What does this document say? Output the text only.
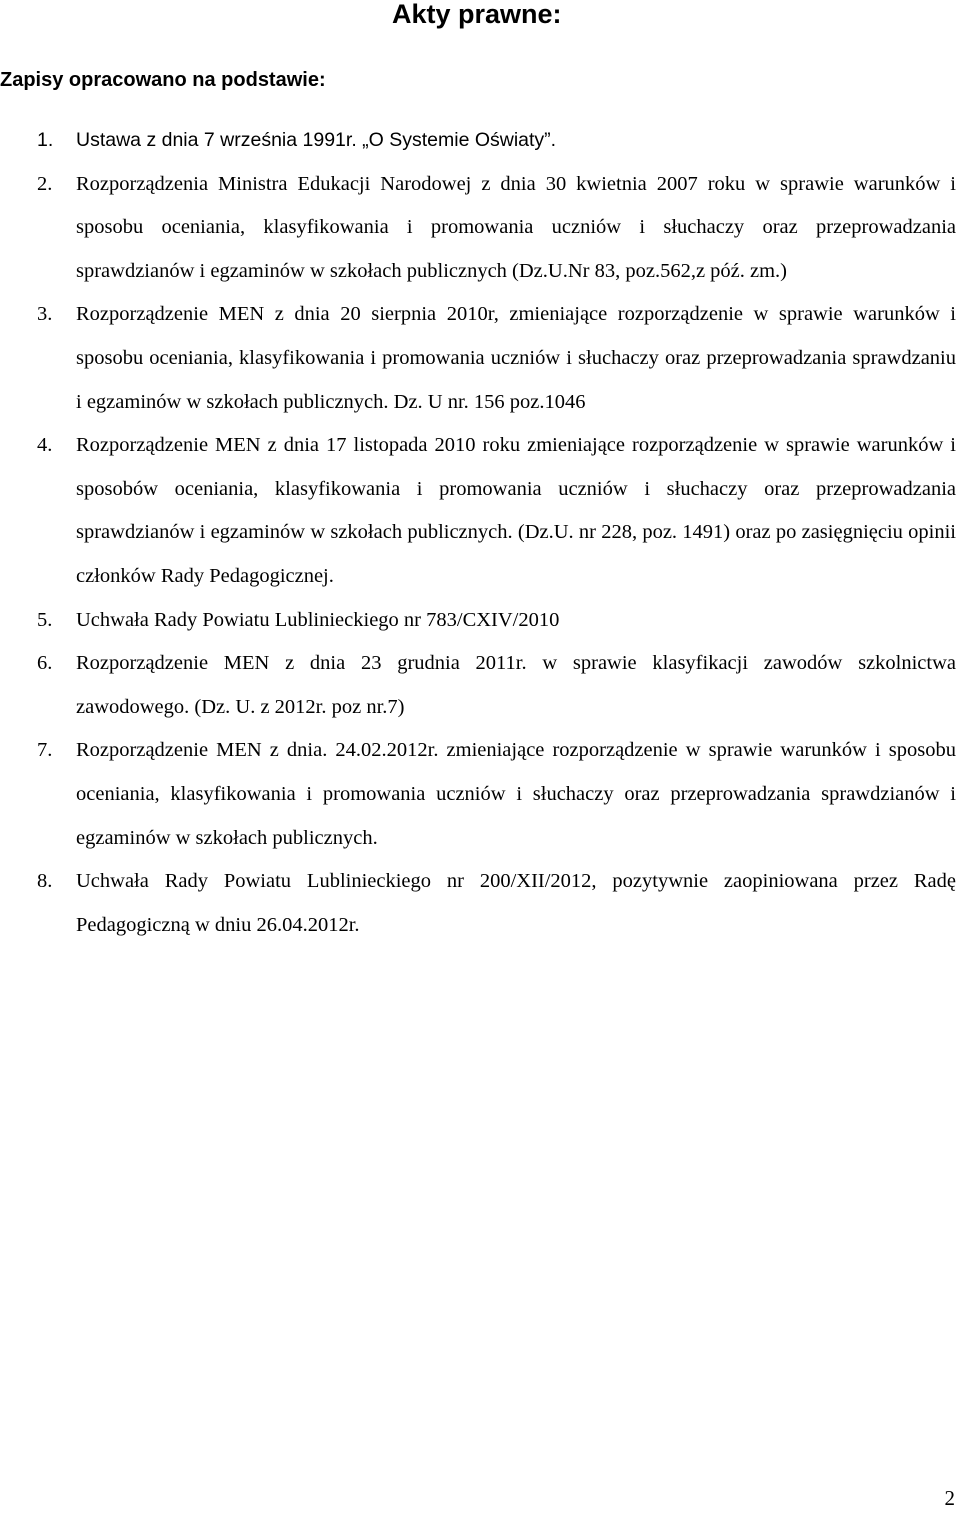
Akty prawne:
Zapisy opracowano na podstawie:
1. Ustawa z dnia 7 września 1991r. „O Systemie Oświaty”.
2. Rozporządzenia Ministra Edukacji Narodowej z dnia 30 kwietnia 2007 roku w sprawie warunków i sposobu oceniania, klasyfikowania i promowania uczniów i słuchaczy oraz przeprowadzania sprawdzianów i egzaminów w szkołach publicznych (Dz.U.Nr 83, poz.562,z póź. zm.)
3. Rozporządzenie MEN z dnia 20 sierpnia 2010r, zmieniające rozporządzenie w sprawie warunków i sposobu oceniania, klasyfikowania i promowania uczniów i słuchaczy oraz przeprowadzania sprawdzaniu i egzaminów w szkołach publicznych. Dz. U nr. 156 poz.1046
4. Rozporządzenie MEN z dnia 17 listopada 2010 roku zmieniające rozporządzenie w sprawie warunków i sposobów oceniania, klasyfikowania i promowania uczniów i słuchaczy oraz przeprowadzania sprawdzianów i egzaminów w szkołach publicznych. (Dz.U. nr 228, poz. 1491) oraz po zasięgnięciu opinii członków Rady Pedagogicznej.
5. Uchwała Rady Powiatu Lublinieckiego nr 783/CXIV/2010
6. Rozporządzenie MEN z dnia 23 grudnia 2011r. w sprawie klasyfikacji zawodów szkolnictwa zawodowego. (Dz. U. z 2012r. poz nr.7)
7. Rozporządzenie MEN z dnia. 24.02.2012r. zmieniające rozporządzenie w sprawie warunków i sposobu oceniania, klasyfikowania i promowania uczniów i słuchaczy oraz przeprowadzania sprawdzianów i egzaminów w szkołach publicznych.
8. Uchwała Rady Powiatu Lublinieckiego nr 200/XII/2012, pozytywnie zaopiniowana przez Radę Pedagogiczną w dniu 26.04.2012r.
2
